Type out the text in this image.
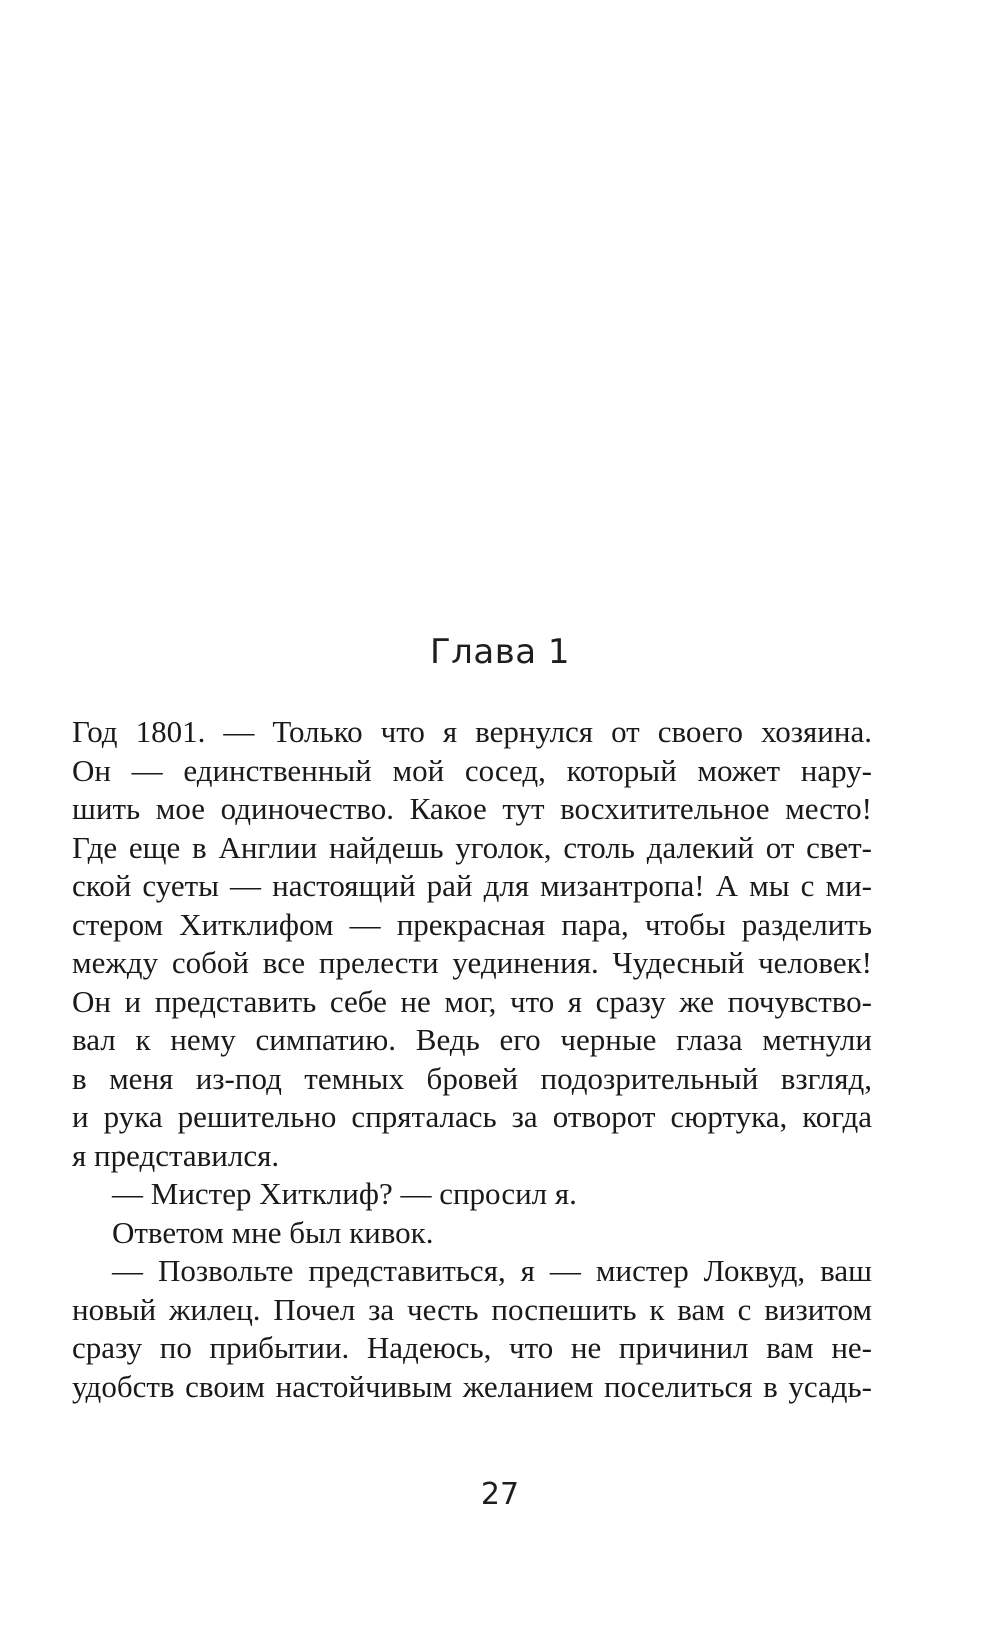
Глава 1
Год 1801. — Только что я вернулся от своего хозяина.
Он — единственный мой сосед, который может нару-
шить мое одиночество. Какое тут восхитительное место!
Где еще в Англии найдешь уголок, столь далекий от свет-
ской суеты — настоящий рай для мизантропа! А мы с ми-
стером Хитклифом — прекрасная пара, чтобы разделить
между собой все прелести уединения. Чудесный человек!
Он и представить себе не мог, что я сразу же почувство-
вал к нему симпатию. Ведь его черные глаза метнули
в меня из-под темных бровей подозрительный взгляд,
и рука решительно спряталась за отворот сюртука, когда
я представился.
— Мистер Хитклиф? — спросил я.
Ответом мне был кивок.
— Позвольте представиться, я — мистер Локвуд, ваш
новый жилец. Почел за честь поспешить к вам с визитом
сразу по прибытии. Надеюсь, что не причинил вам не-
удобств своим настойчивым желанием поселиться в усадь-
27
